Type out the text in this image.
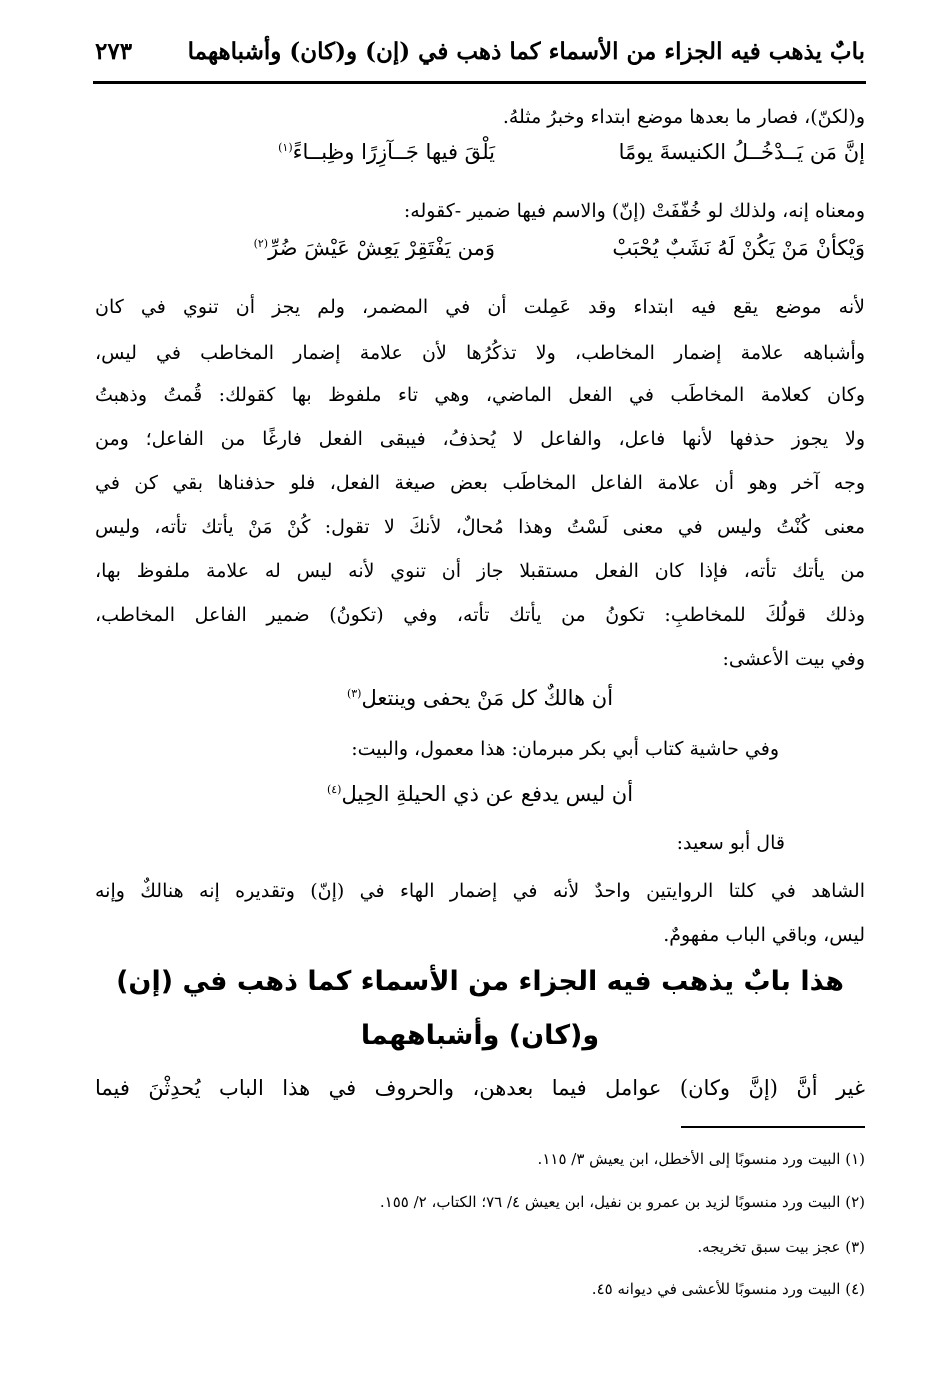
بابٌ يذهب فيه الجزاء من الأسماء كما ذهب في (إن) و(كان) وأشباههما
٢٧٣
و(لكنّ)، فصار ما بعدها موضع ابتداء وخبرُ مثلهُ.
إنَّ مَن يَــدْخُــلُ الكنيسةَ يومًا
يَلْقَ فيها جَــآزِرًا وظِبــاءً$^{(١)}$
ومعناه إنه، ولذلك لو خُفّفَتْ (إنّ) والاسم فيها ضمير -كقوله:
وَيْكأنْ مَنْ يَكُنْ لَهُ نَشَبٌ يُحْبَبْ
وَمن يَفْتَقِرْ يَعِشْ عَيْشَ ضُرِّ$^{(٢)}$
لأنه موضع يقع فيه ابتداء وقد عَمِلت أن في المضمر، ولم يجز أن تنوي في كان
وأشباهه علامة إضمار المخاطب، ولا تذكُرُها لأن علامة إضمار المخاطب في ليس،
وكان كعلامة المخاطَب في الفعل الماضي، وهي تاء ملفوظ بها كقولك: قُمتُ وذهبتُ
ولا يجوز حذفها لأنها فاعل، والفاعل لا يُحذفُ، فيبقى الفعل فارغًا من الفاعل؛ ومن
وجه آخر وهو أن علامة الفاعل المخاطَب بعض صيغة الفعل، فلو حذفناها بقي كن في
معنى كُنْتُ وليس في معنى لَسْتُ وهذا مُحالٌ، لأنكَ لا تقول: كُنْ مَنْ يأتك تأته، وليس
من يأتك تأته، فإذا كان الفعل مستقبلا جاز أن تنوي لأنه ليس له علامة ملفوظ بها،
وذلك قولُكَ للمخاطبِ: تكونُ من يأتك تأته، وفي (تكونُ) ضمير الفاعل المخاطب،
وفي بيت الأعشى:
أن هالكٌ كل مَنْ يحفى وينتعل$^{(٣)}$
وفي حاشية كتاب أبي بكر مبرمان: هذا معمول، والبيت:
أن ليس يدفع عن ذي الحيلةِ الحِيل$^{(٤)}$
قال أبو سعيد:
الشاهد في كلتا الروايتين واحدٌ لأنه في إضمار الهاء في (إنّ) وتقديره إنه هنالكٌ وإنه
ليس، وباقي الباب مفهومٌ.
هذا بابٌ يذهب فيه الجزاء من الأسماء كما ذهب في (إن)
و(كان) وأشباههما
غير أنَّ (إنَّ وكان) عوامل فيما بعدهن، والحروف في هذا الباب يُحدِثْنَ فيما
(١) البيت ورد منسوبًا إلى الأخطل، ابن يعيش ٣/ ١١٥.
(٢) البيت ورد منسوبًا لزيد بن عمرو بن نفيل، ابن يعيش ٤/ ٧٦؛ الكتاب، ٢/ ١٥٥.
(٣) عجز بيت سبق تخريجه.
(٤) البيت ورد منسوبًا للأعشى في ديوانه ٤٥.
